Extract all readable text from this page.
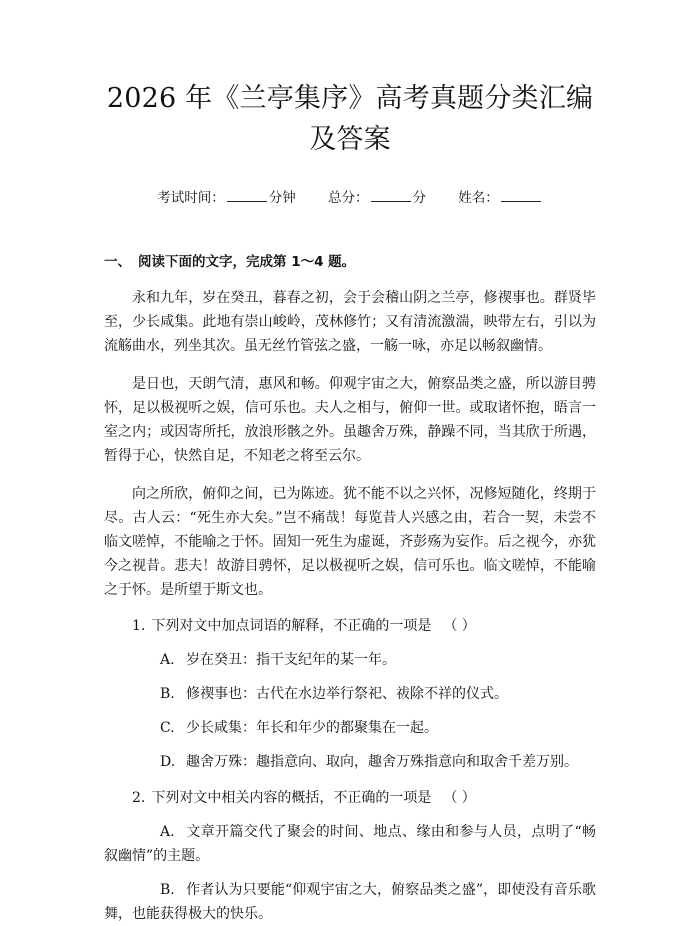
2026 年《兰亭集序》高考真题分类汇编及答案
考试时间：	分钟 总分：	分 姓名：
一、 阅读下面的文字，完成第 1～4 题。

永和九年，岁在癸丑，暮春之初，会于会稽山阴之兰亭，修禊事也。群贤毕至，少长咸集。此地有崇山峻岭，茂林修竹；又有清流激湍，映带左右，引以为流觞曲水，列坐其次。虽无丝竹管弦之盛，一觞一咏，亦足以畅叙幽情。

是日也，天朗气清，惠风和畅。仰观宇宙之大，俯察品类之盛，所以游目骋怀，足以极视听之娱，信可乐也。夫人之相与，俯仰一世。或取诸怀抱，晤言一室之内；或因寄所托，放浪形骸之外。虽趣舍万殊，静躁不同，当其欣于所遇，暂得于心，快然自足，不知老之将至云尔。

向之所欣，俯仰之间，已为陈迹。犹不能不以之兴怀，况修短随化，终期于尽。古人云：“死生亦大矣。”岂不痛哉！每览昔人兴感之由，若合一契，未尝不临文嗟悼，不能喻之于怀。固知一死生为虚诞，齐彭殇为妄作。后之视今，亦犹今之视昔。悲夫！故游目骋怀，足以极视听之娱，信可乐也。临文嗟悼，不能喻之于怀。是所望于斯文也。

1. 下列对文中加点词语的解释，不正确的一项是 （ ）
A. 岁在癸丑：指干支纪年的某一年。
B. 修禊事也：古代在水边举行祭祀、祓除不祥的仪式。
C. 少长咸集：年长和年少的都聚集在一起。
D. 趣舍万殊：趣指意向、取向，趣舍万殊指意向和取舍千差万别。
2. 下列对文中相关内容的概括，不正确的一项是 （ ）
A. 文章开篇交代了聚会的时间、地点、缘由和参与人员，点明了“畅叙幽情”的主题。
B. 作者认为只要能“仰观宇宙之大，俯察品类之盛”，即使没有音乐歌舞，也能获得极大的快乐。
